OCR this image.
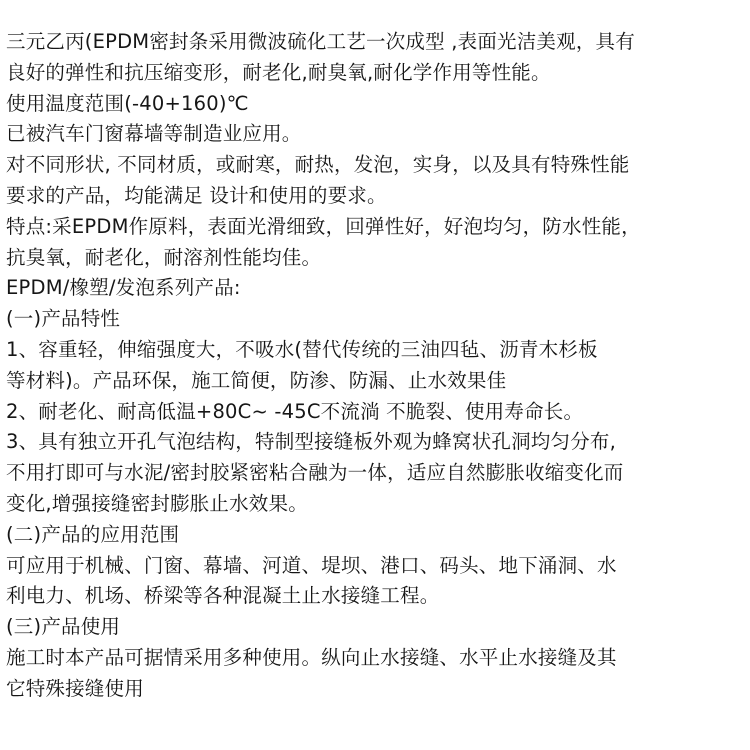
三元乙丙(EPDM密封条采用微波硫化工艺一次成型 ,表面光洁美观，具有
良好的弹性和抗压缩变形，耐老化,耐臭氧,耐化学作用等性能。
使用温度范围(-40+160)℃
已被汽车门窗幕墙等制造业应用。
对不同形状, 不同材质，或耐寒，耐热，发泡，实身，以及具有特殊性能
要求的产品，均能满足 设计和使用的要求。
特点:采EPDM作原料，表面光滑细致，回弹性好，好泡均匀，防水性能，
抗臭氧，耐老化，耐溶剂性能均佳。
EPDM/橡塑/发泡系列产品:
(一)产品特性
1、容重轻，伸缩强度大，不吸水(替代传统的三油四毡、沥青木杉板
等材料)。产品环保，施工简便，防渗、防漏、止水效果佳
2、耐老化、耐高低温+80C~ -45C不流淌 不脆裂、使用寿命长。
3、具有独立开孔气泡结构，特制型接缝板外观为蜂窝状孔洞均匀分布,
不用打即可与水泥/密封胶紧密粘合融为一体，适应自然膨胀收缩变化而
变化,增强接缝密封膨胀止水效果。
(二)产品的应用范围
可应用于机械、门窗、幕墙、河道、堤坝、港口、码头、地下涌洞、水
利电力、机场、桥梁等各种混凝土止水接缝工程。
(三)产品使用
施工时本产品可据情采用多种使用。纵向止水接缝、水平止水接缝及其
它特殊接缝使用
